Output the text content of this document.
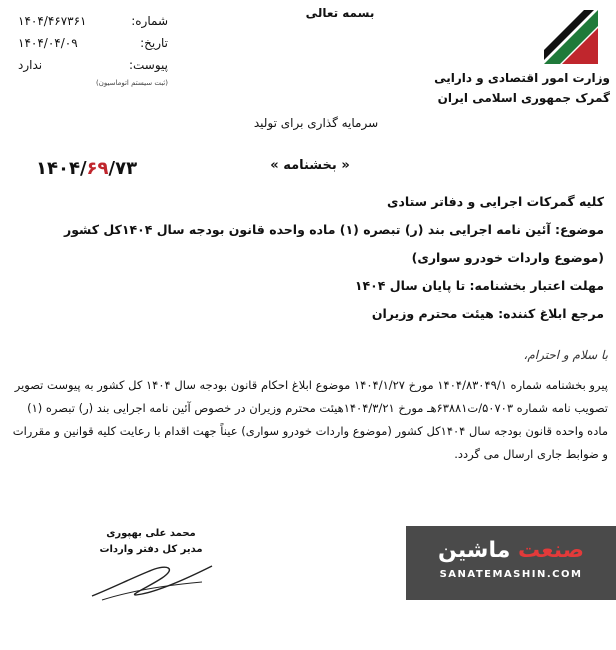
وزارت امور اقتصادی و دارایی
گمرک جمهوری اسلامی ایران
بسمه تعالی
شماره:
۱۴۰۴/۴۶۷۳۶۱
تاریخ:
۱۴۰۴/۰۴/۰۹
پیوست:
ندارد
(ثبت سیستم اتوماسیون)
سرمایه گذاری برای تولید
« بخشنامه »
۱۴۰۴/۶۹/۷۳
کلیه گمرکات اجرایی و دفاتر ستادی
موضوع: آئین نامه اجرایی بند (ر) تبصره (۱) ماده واحده قانون بودجه سال ۱۴۰۴کل کشور (موضوع واردات خودرو سواری)
مهلت اعتبار بخشنامه: تا پایان سال ۱۴۰۴
مرجع ابلاغ کننده: هیئت محترم وزیران
با سلام و احترام،
پیرو بخشنامه شماره ۱۴۰۴/۸۳۰۴۹/۱ مورخ ۱۴۰۴/۱/۲۷ موضوع ابلاغ احکام قانون بودجه سال ۱۴۰۴ کل کشور به پیوست تصویر تصویب نامه شماره ۵۰۷۰۳/ت۶۳۸۸۱هـ مورخ ۱۴۰۴/۳/۲۱هیئت محترم وزیران در خصوص آئین نامه اجرایی بند (ر) تبصره (۱) ماده واحده قانون بودجه سال ۱۴۰۴کل کشور (موضوع واردات خودرو سواری) عیناً جهت اقدام با رعایت کلیه قوانین و مقررات و ضوابط جاری ارسال می گردد.
محمد علی بهپوری
مدیر کل دفتر واردات	صنعت ماشین
SANATEMASHIN.COM
